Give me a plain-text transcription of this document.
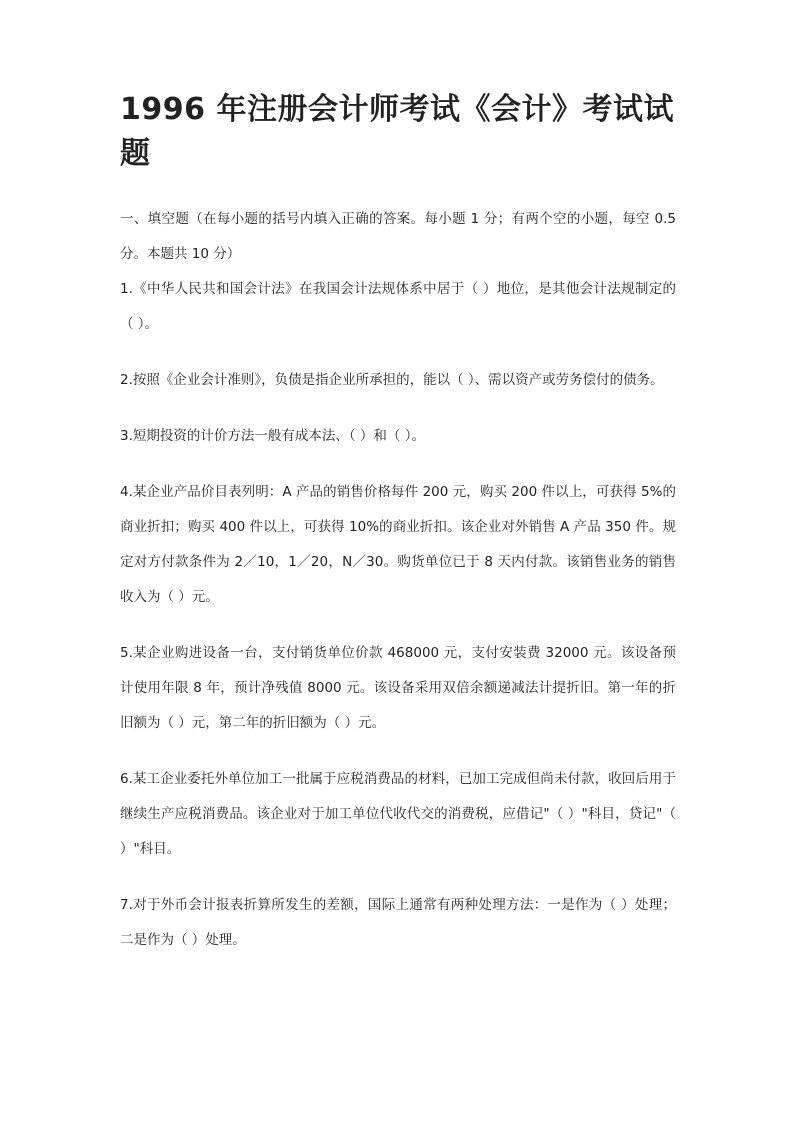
1996 年注册会计师考试《会计》考试试题

一、填空题（在每小题的括号内填入正确的答案。每小题 1 分；有两个空的小题，每空 0.5 分。本题共 10 分）

1.《中华人民共和国会计法》在我国会计法规体系中居于（ ）地位，是其他会计法规制定的（ ）。

2.按照《企业会计准则》，负债是指企业所承担的，能以（ ）、需以资产或劳务偿付的债务。

3.短期投资的计价方法一般有成本法、（ ）和（ ）。

4.某企业产品价目表列明：A 产品的销售价格每件 200 元，购买 200 件以上，可获得 5%的商业折扣；购买 400 件以上，可获得 10%的商业折扣。该企业对外销售 A 产品 350 件。规定对方付款条件为 2／10，1／20，N／30。购货单位已于 8 天内付款。该销售业务的销售收入为（ ）元。

5.某企业购进设备一台，支付销货单位价款 468000 元，支付安装费 32000 元。该设备预计使用年限 8 年，预计净残值 8000 元。该设备采用双倍余额递减法计提折旧。第一年的折旧额为（ ）元，第二年的折旧额为（ ）元。

6.某工企业委托外单位加工一批属于应税消费品的材料，已加工完成但尚未付款，收回后用于继续生产应税消费品。该企业对于加工单位代收代交的消费税，应借记"（ ）"科目，贷记"（ ）"科目。

7.对于外币会计报表折算所发生的差额，国际上通常有两种处理方法：一是作为（ ）处理；二是作为（ ）处理。
